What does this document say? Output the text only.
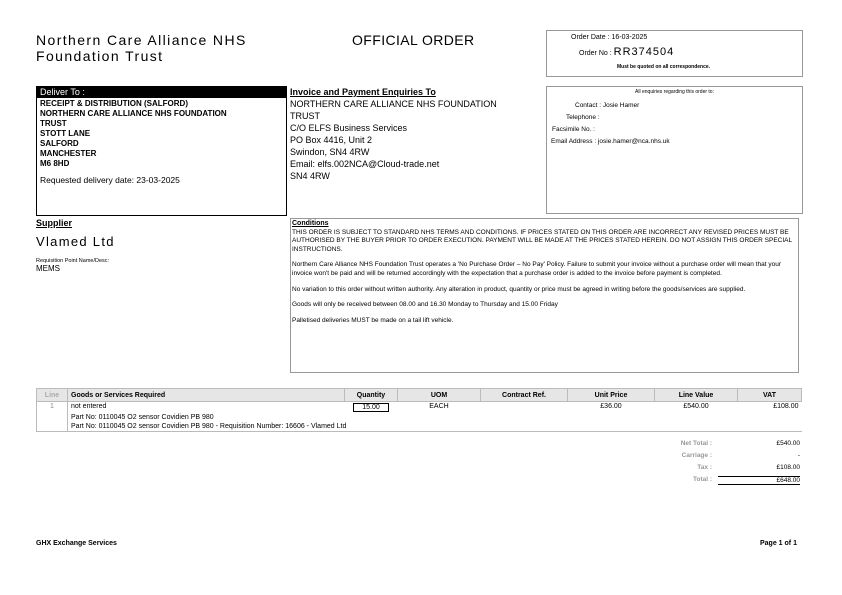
Northern Care Alliance NHS
Foundation Trust
OFFICIAL ORDER	Order Date : 16-03-2025
Order No : RR374504
Must be quoted on all correspondence.
Deliver To :
RECEIPT & DISTRIBUTION (SALFORD)
NORTHERN CARE ALLIANCE NHS FOUNDATION
TRUST
STOTT LANE
SALFORD
MANCHESTER
M6 8HD
Requested delivery date: 23-03-2025
Invoice and Payment Enquiries To
NORTHERN CARE ALLIANCE NHS FOUNDATION
TRUST
C/O ELFS Business Services
PO Box 4416, Unit 2
Swindon, SN4 4RW
Email: elfs.002NCA@Cloud-trade.net
SN4 4RW
All enquiries regarding this order to:
Contact : Josie Hamer
Telephone :
Facsimile No. :
Email Address : josie.hamer@nca.nhs.uk
Supplier
Vlamed Ltd
Requisition Point Name/Desc:
MEMS
Conditions

THIS ORDER IS SUBJECT TO STANDARD NHS TERMS AND CONDITIONS. IF PRICES STATED ON THIS ORDER ARE INCORRECT ANY REVISED PRICES MUST BE AUTHORISED BY THE BUYER PRIOR TO ORDER EXECUTION. PAYMENT WILL BE MADE AT THE PRICES STATED HEREIN. DO NOT ASSIGN THIS ORDER SPECIAL INSTRUCTIONS.

Northern Care Alliance NHS Foundation Trust operates a 'No Purchase Order – No Pay' Policy. Failure to submit your invoice without a purchase order will mean that your invoice won't be paid and will be returned accordingly with the expectation that a purchase order is added to the invoice before payment is completed.

No variation to this order without written authority. Any alteration in product, quantity or price must be agreed in writing before the goods/services are supplied.

Goods will only be received between 08.00 and 16.30 Monday to Thursday and 15.00 Friday

Palletised deliveries MUST be made on a tail lift vehicle.

Line	Goods or Services Required	Quantity	UOM	Contract Ref.	Unit Price	Line Value	VAT
1	not entered	15.00	EACH		£36.00	£540.00	£108.00
	Part No: 0110045 O2 sensor Covidien PB 980						
	Part No: 0110045 O2 sensor Covidien PB 980 - Requisition Number: 16606 - Vlamed Ltd						
Net Total :	£540.00
Carriage :	-
Tax :	£108.00
Total :	£648.00
GHX Exchange Services	Page 1 of 1
